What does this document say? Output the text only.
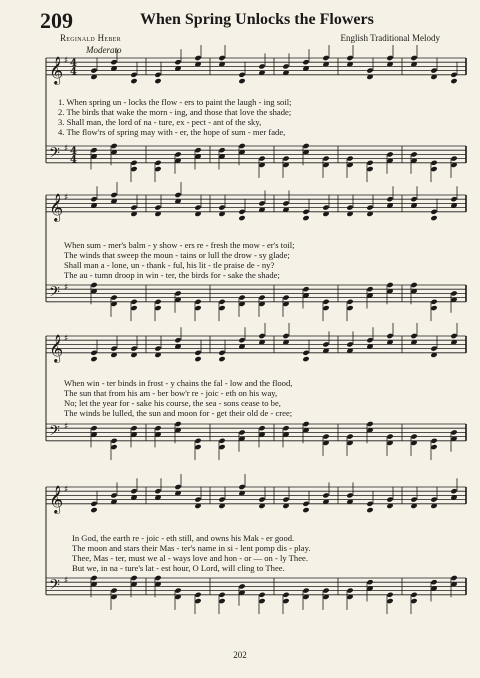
209	When Spring Unlocks the Flowers
Reginald Heber	English Traditional Melody
Moderato
𝄞 4
4
♯
𝄢 4
4
♯
𝄞 ♯
𝄢 ♯
𝄞 ♯
𝄢 ♯
𝄞 ♯
𝄢 ♯
1. When spring un - locks the flow - ers to paint the laugh - ing soil;
2. The birds that wake the morn - ing, and those that love the shade;
3. Shall man, the lord of na - ture, ex - pect - ant of the sky,
4. The flow'rs of spring may with - er, the hope of sum - mer fade,
When sum - mer's balm - y show - ers re - fresh the mow - er's toil;
The winds that sweep the moun - tains or lull the drow - sy glade;
Shall man a - lone, un - thank - ful, his lit - tle praise de - ny?
The au - tumn droop in win - ter, the birds for - sake the shade;
When win - ter binds in frost - y chains the fal - low and the flood,
The sun that from his am - ber bow'r re - joic - eth on his way,
No; let the year for - sake his course, the sea - sons cease to be,
The winds be lulled, the sun and moon for - get their old de - cree;
In God, the earth re - joic - eth still, and owns his Mak - er good.
The moon and stars their Mas - ter's name in si - lent pomp dis - play.
Thee, Mas - ter, must we al - ways love and hon - or — on - ly Thee.
But we, in na - ture's lat - est hour, O Lord, will cling to Thee.
202
